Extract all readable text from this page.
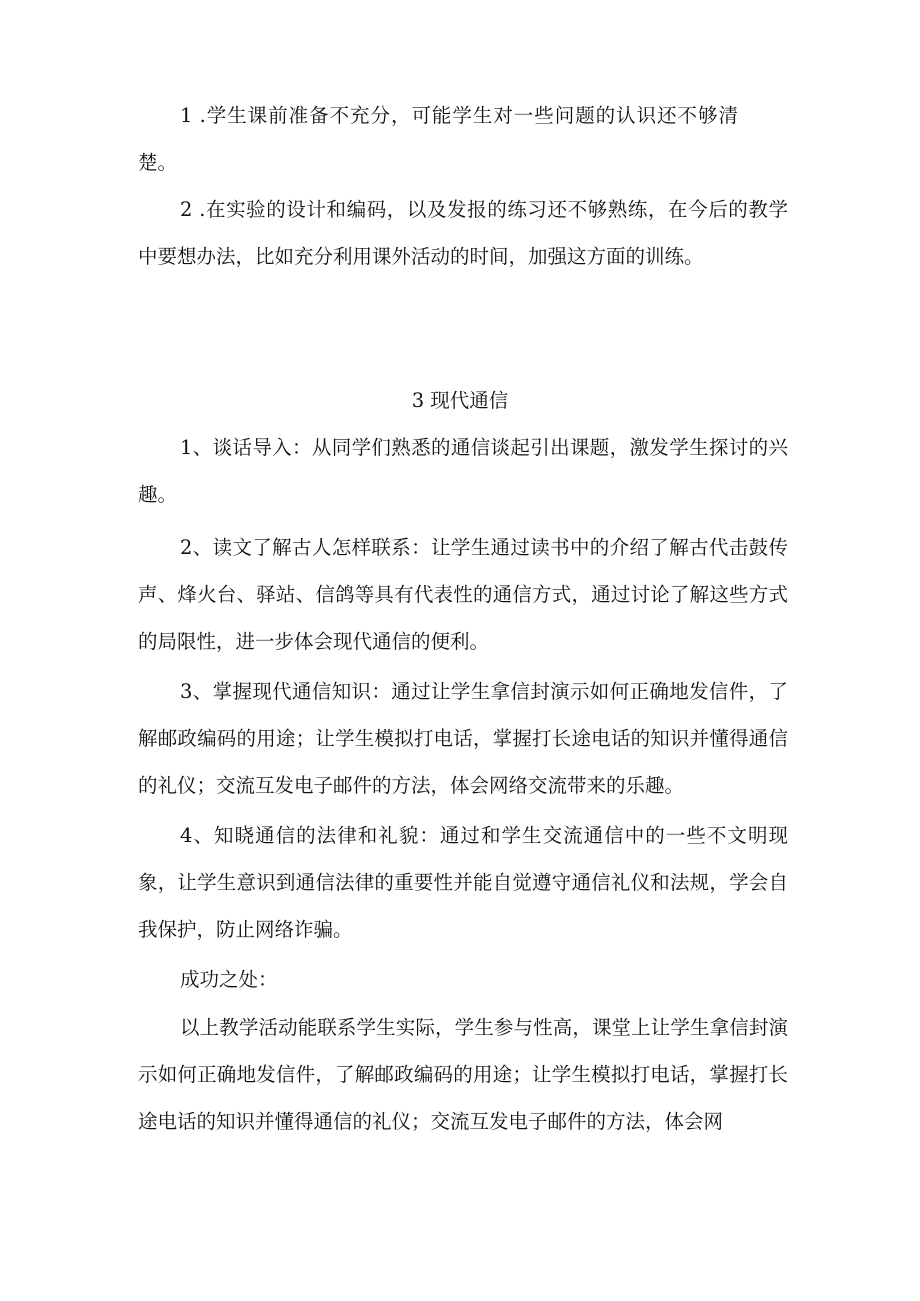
1 .学生课前准备不充分，可能学生对一些问题的认识还不够清楚。

2 .在实验的设计和编码，以及发报的练习还不够熟练，在今后的教学中要想办法，比如充分利用课外活动的时间，加强这方面的训练。

3 现代通信

1、谈话导入：从同学们熟悉的通信谈起引出课题，激发学生探讨的兴趣。

2、读文了解古人怎样联系：让学生通过读书中的介绍了解古代击鼓传声、烽火台、驿站、信鸽等具有代表性的通信方式，通过讨论了解这些方式的局限性，进一步体会现代通信的便利。

3、掌握现代通信知识：通过让学生拿信封演示如何正确地发信件，了解邮政编码的用途；让学生模拟打电话，掌握打长途电话的知识并懂得通信的礼仪；交流互发电子邮件的方法，体会网络交流带来的乐趣。

4、知晓通信的法律和礼貌：通过和学生交流通信中的一些不文明现象，让学生意识到通信法律的重要性并能自觉遵守通信礼仪和法规，学会自我保护，防止网络诈骗。

成功之处：

以上教学活动能联系学生实际，学生参与性高，课堂上让学生拿信封演示如何正确地发信件，了解邮政编码的用途；让学生模拟打电话，掌握打长途电话的知识并懂得通信的礼仪；交流互发电子邮件的方法，体会网
